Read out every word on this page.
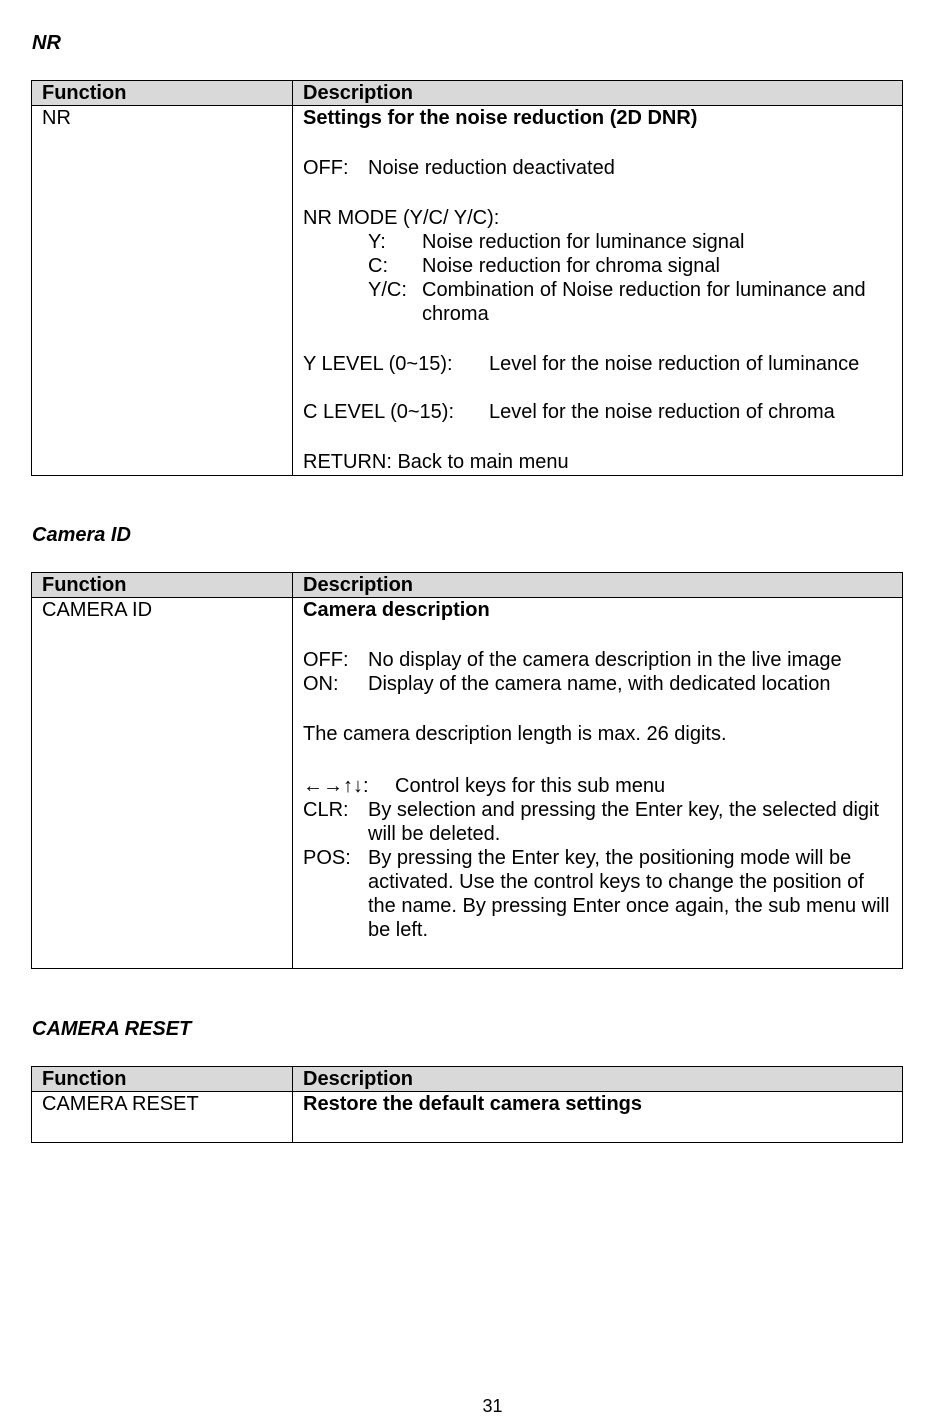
NR
Function	Description
NR	Settings for the noise reduction (2D DNR)
OFF: Noise reduction deactivated
NR MODE (Y/C/ Y/C):
Y:	Noise reduction for luminance signal
C:	Noise reduction for chroma signal
Y/C: Combination of Noise reduction for luminance and chroma
Y LEVEL (0~15):	Level for the noise reduction of luminance
C LEVEL (0~15):	Level for the noise reduction of chroma
RETURN: Back to main menu
Camera ID
Function	Description
CAMERA ID	Camera description
OFF: No display of the camera description in the live image
ON:	Display of the camera name, with dedicated location
The camera description length is max. 26 digits.
←→↑↓:	Control keys for this sub menu
CLR: By selection and pressing the Enter key, the selected digit will be deleted.
POS: By pressing the Enter key, the positioning mode will be activated. Use the control keys to change the position of the name. By pressing Enter once again, the sub menu will be left.
CAMERA RESET
Function	Description
CAMERA RESET	Restore the default camera settings
31
